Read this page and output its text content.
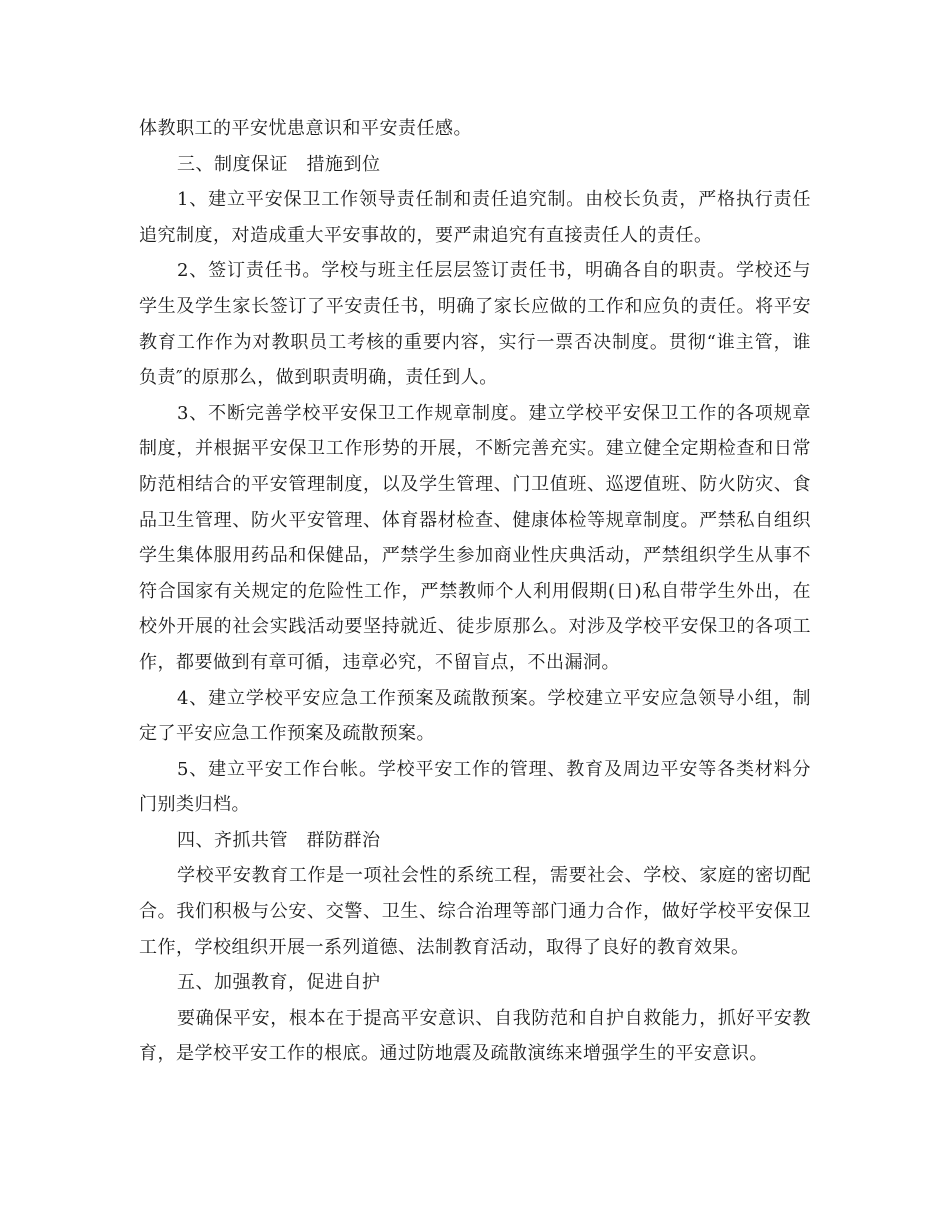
体教职工的平安忧患意识和平安责任感。

三、制度保证　措施到位

1、建立平安保卫工作领导责任制和责任追究制。由校长负责，严格执行责任追究制度，对造成重大平安事故的，要严肃追究有直接责任人的责任。

2、签订责任书。学校与班主任层层签订责任书，明确各自的职责。学校还与学生及学生家长签订了平安责任书，明确了家长应做的工作和应负的责任。将平安教育工作作为对教职员工考核的重要内容，实行一票否决制度。贯彻“谁主管，谁负责″的原那么，做到职责明确，责任到人。

3、不断完善学校平安保卫工作规章制度。建立学校平安保卫工作的各项规章制度，并根据平安保卫工作形势的开展，不断完善充实。建立健全定期检查和日常防范相结合的平安管理制度，以及学生管理、门卫值班、巡逻值班、防火防灾、食品卫生管理、防火平安管理、体育器材检查、健康体检等规章制度。严禁私自组织学生集体服用药品和保健品，严禁学生参加商业性庆典活动，严禁组织学生从事不符合国家有关规定的危险性工作，严禁教师个人利用假期(日)私自带学生外出，在校外开展的社会实践活动要坚持就近、徒步原那么。对涉及学校平安保卫的各项工作，都要做到有章可循，违章必究，不留盲点，不出漏洞。

4、建立学校平安应急工作预案及疏散预案。学校建立平安应急领导小组，制定了平安应急工作预案及疏散预案。

5、建立平安工作台帐。学校平安工作的管理、教育及周边平安等各类材料分门别类归档。

四、齐抓共管　群防群治

学校平安教育工作是一项社会性的系统工程，需要社会、学校、家庭的密切配合。我们积极与公安、交警、卫生、综合治理等部门通力合作，做好学校平安保卫工作，学校组织开展一系列道德、法制教育活动，取得了良好的教育效果。

五、加强教育，促进自护

要确保平安，根本在于提高平安意识、自我防范和自护自救能力，抓好平安教育，是学校平安工作的根底。通过防地震及疏散演练来增强学生的平安意识。
